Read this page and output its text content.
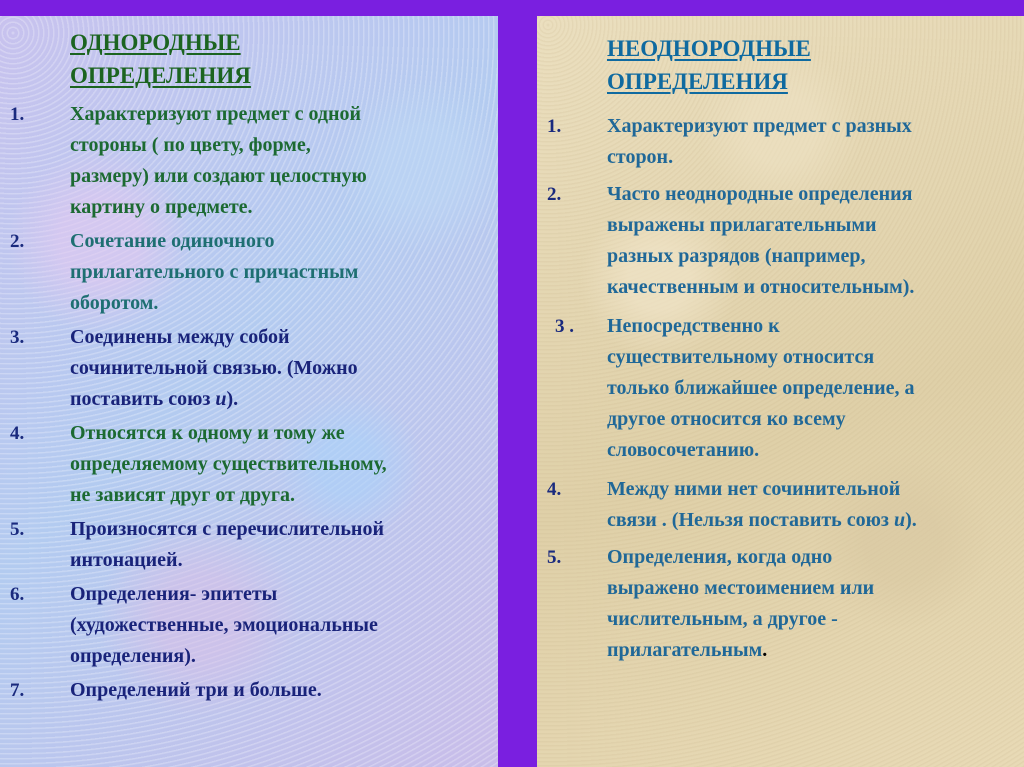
ОДНОРОДНЫЕ
ОПРЕДЕЛЕНИЯ
1. Характеризуют предмет с одной
стороны ( по цвету, форме,
размеру) или создают целостную
картину о предмете.
2. Сочетание одиночного
прилагательного с причастным
оборотом.
3. Соединены между собой
сочинительной связью. (Можно
поставить союз и).
4. Относятся к одному и тому же
определяемому существительному,
не зависят друг от друга.
5. Произносятся с перечислительной
интонацией.
6. Определения- эпитеты
(художественные, эмоциональные
определения).
7. Определений три и больше.
НЕОДНОРОДНЫЕ
ОПРЕДЕЛЕНИЯ
1. Характеризуют предмет с разных
сторон.
2. Часто неоднородные определения
выражены прилагательными
разных разрядов (например,
качественным и относительным).
3 . Непосредственно к
существительному относится
только ближайшее определение, а
другое относится ко всему
словосочетанию.
4. Между ними нет сочинительной
связи . (Нельзя поставить союз и).
5. Определения, когда одно
выражено местоимением или
числительным, а другое -
прилагательным.
